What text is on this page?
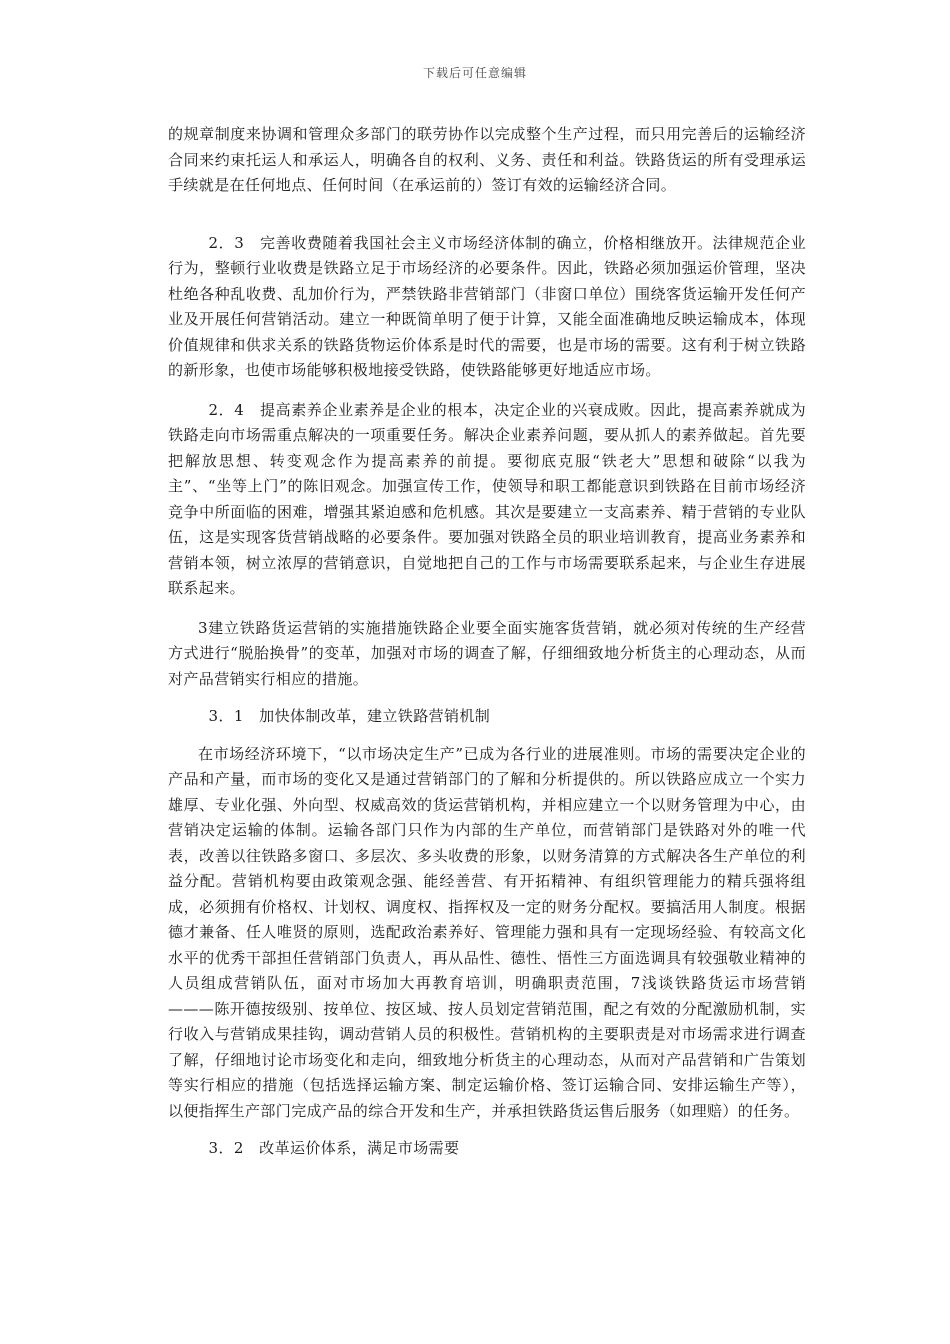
下载后可任意编辑

的规章制度来协调和管理众多部门的联劳协作以完成整个生产过程，而只用完善后的运输经济合同来约束托运人和承运人，明确各自的权利、义务、责任和利益。铁路货运的所有受理承运手续就是在任何地点、任何时间（在承运前的）签订有效的运输经济合同。

2．3　完善收费随着我国社会主义市场经济体制的确立，价格相继放开。法律规范企业行为，整顿行业收费是铁路立足于市场经济的必要条件。因此，铁路必须加强运价管理，坚决杜绝各种乱收费、乱加价行为，严禁铁路非营销部门（非窗口单位）围绕客货运输开发任何产业及开展任何营销活动。建立一种既简单明了便于计算，又能全面准确地反映运输成本，体现价值规律和供求关系的铁路货物运价体系是时代的需要，也是市场的需要。这有利于树立铁路的新形象，也使市场能够积极地接受铁路，使铁路能够更好地适应市场。

2．4　提高素养企业素养是企业的根本，决定企业的兴衰成败。因此，提高素养就成为铁路走向市场需重点解决的一项重要任务。解决企业素养问题，要从抓人的素养做起。首先要把解放思想、转变观念作为提高素养的前提。要彻底克服“铁老大”思想和破除“以我为主”、“坐等上门”的陈旧观念。加强宣传工作，使领导和职工都能意识到铁路在目前市场经济竞争中所面临的困难，增强其紧迫感和危机感。其次是要建立一支高素养、精于营销的专业队伍，这是实现客货营销战略的必要条件。要加强对铁路全员的职业培训教育，提高业务素养和营销本领，树立浓厚的营销意识，自觉地把自己的工作与市场需要联系起来，与企业生存进展联系起来。

3建立铁路货运营销的实施措施铁路企业要全面实施客货营销，就必须对传统的生产经营方式进行“脱胎换骨”的变革，加强对市场的调查了解，仔细细致地分析货主的心理动态，从而对产品营销实行相应的措施。

3．1　加快体制改革，建立铁路营销机制

在市场经济环境下，“以市场决定生产”已成为各行业的进展准则。市场的需要决定企业的产品和产量，而市场的变化又是通过营销部门的了解和分析提供的。所以铁路应成立一个实力雄厚、专业化强、外向型、权威高效的货运营销机构，并相应建立一个以财务管理为中心，由营销决定运输的体制。运输各部门只作为内部的生产单位，而营销部门是铁路对外的唯一代表，改善以往铁路多窗口、多层次、多头收费的形象，以财务清算的方式解决各生产单位的利益分配。营销机构要由政策观念强、能经善营、有开拓精神、有组织管理能力的精兵强将组成，必须拥有价格权、计划权、调度权、指挥权及一定的财务分配权。要搞活用人制度。根据德才兼备、任人唯贤的原则，选配政治素养好、管理能力强和具有一定现场经验、有较高文化水平的优秀干部担任营销部门负责人，再从品性、德性、悟性三方面选调具有较强敬业精神的人员组成营销队伍，面对市场加大再教育培训，明确职责范围，7浅谈铁路货运市场营销———陈开德按级别、按单位、按区域、按人员划定营销范围，配之有效的分配激励机制，实行收入与营销成果挂钩，调动营销人员的积极性。营销机构的主要职责是对市场需求进行调查了解，仔细地讨论市场变化和走向，细致地分析货主的心理动态，从而对产品营销和广告策划等实行相应的措施（包括选择运输方案、制定运输价格、签订运输合同、安排运输生产等），以便指挥生产部门完成产品的综合开发和生产，并承担铁路货运售后服务（如理赔）的任务。

3．2　改革运价体系，满足市场需要
